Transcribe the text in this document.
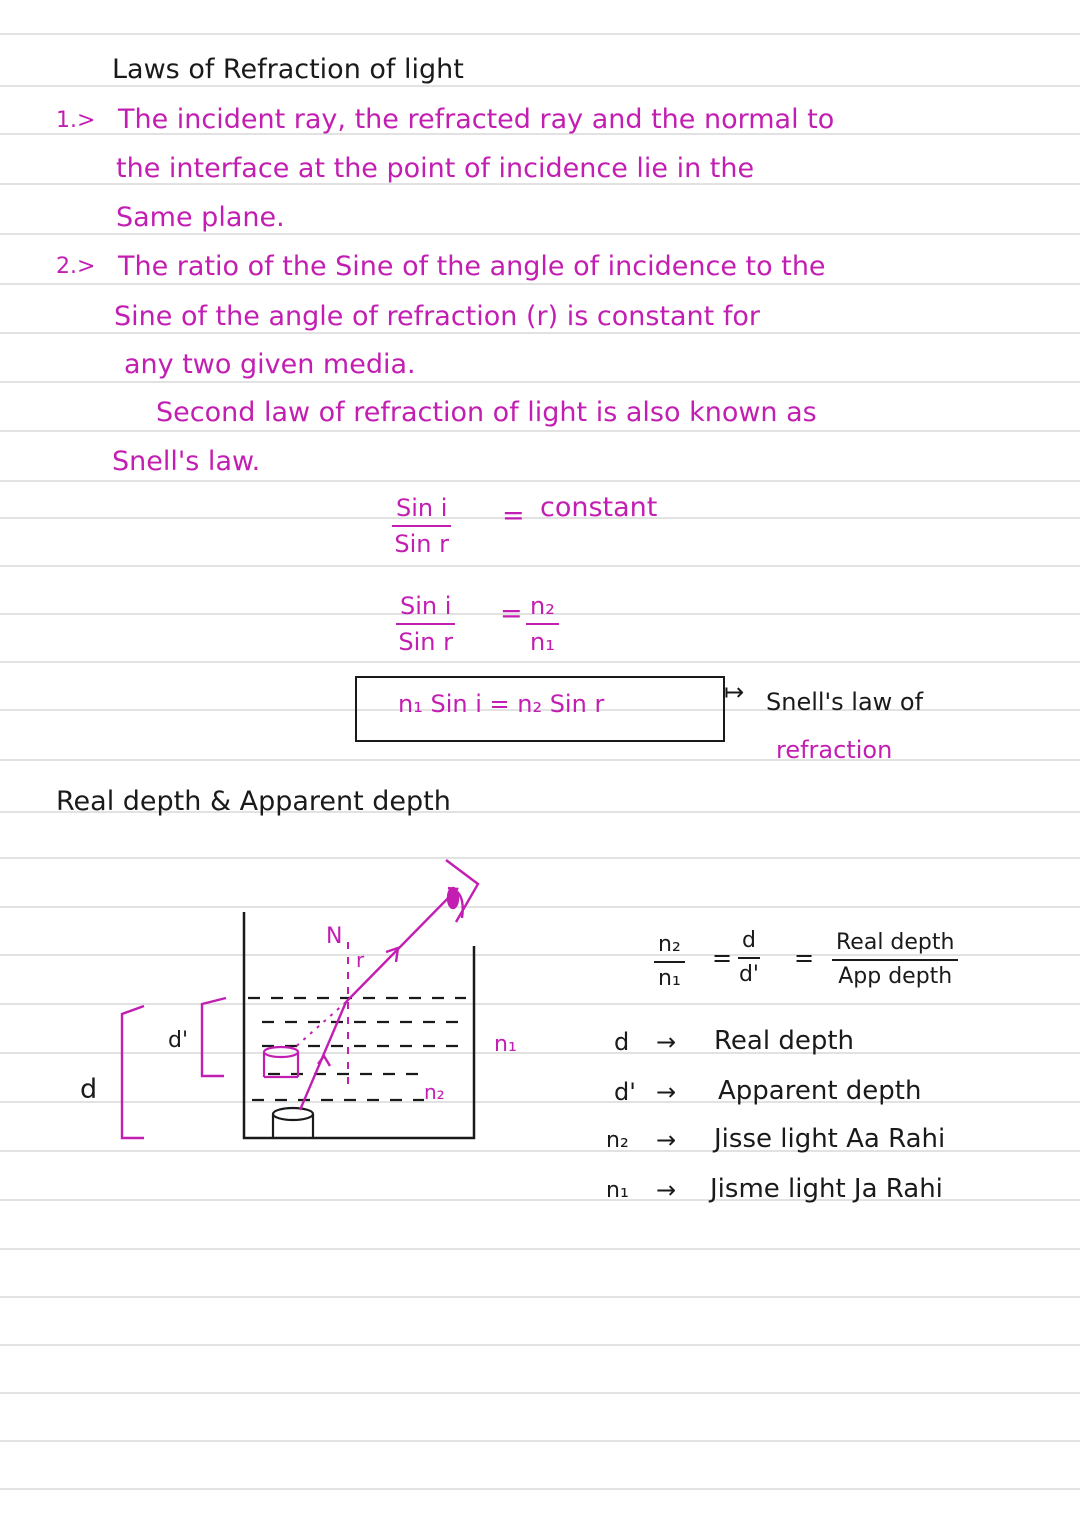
Laws of Refraction of light
1.> The incident ray, the refracted ray and the normal to
the interface at the point of incidence lie in the
Same plane.
2.> The ratio of the Sine of the angle of incidence to the
Sine of the angle of refraction (r) is constant for
any two given media.
Second law of refraction of light is also known as
Snell's law.
Sin i
Sin r
= constant
Sin i
Sin r
= $\frac{\text{n₂}}{\text{n₁}}$
n₁ Sin i = n₂ Sin r	↦ Snell's law of
refraction
Real depth & Apparent depth
N
r
d
d'	n₁
n₂
$\frac{\text{n₂}}{\text{n₁}} = \frac{d}{d'}$ =
Real depth
App depth
d → Real depth
d' → Apparent depth
n₂ → Jisse light Aa Rahi
n₁ → Jisme light Ja Rahi
